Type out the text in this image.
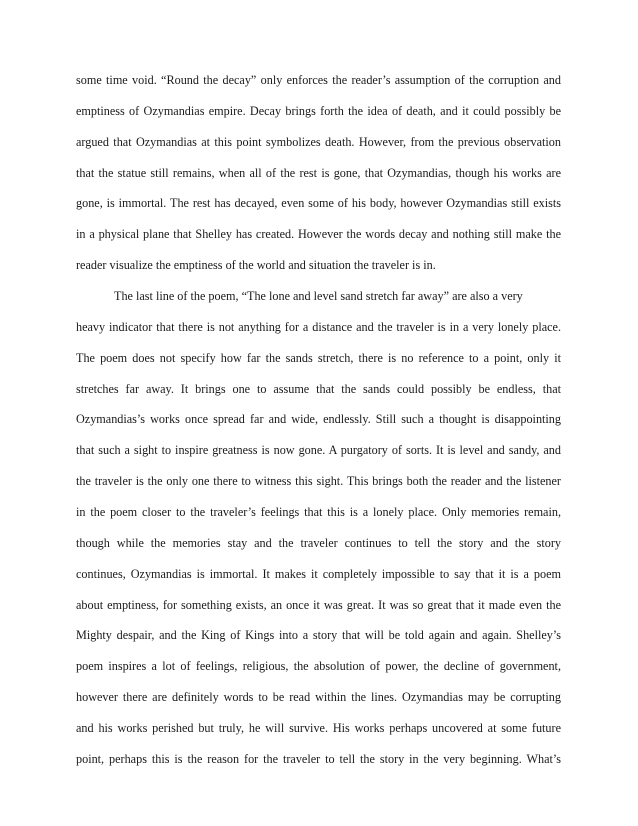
some time void. “Round the decay” only enforces the reader’s assumption of the corruption and
emptiness of Ozymandias empire. Decay brings forth the idea of death, and it could possibly be
argued that Ozymandias at this point symbolizes death. However, from the previous observation
that the statue still remains, when all of the rest is gone, that Ozymandias, though his works are
gone, is immortal. The rest has decayed, even some of his body, however Ozymandias still exists
in a physical plane that Shelley has created. However the words decay and nothing still make the
reader visualize the emptiness of the world and situation the traveler is in.
The last line of the poem, “The lone and level sand stretch far away” are also a very
heavy indicator that there is not anything for a distance and the traveler is in a very lonely place.
The poem does not specify how far the sands stretch, there is no reference to a point, only it
stretches far away. It brings one to assume that the sands could possibly be endless, that
Ozymandias’s works once spread far and wide, endlessly. Still such a thought is disappointing
that such a sight to inspire greatness is now gone. A purgatory of sorts. It is level and sandy, and
the traveler is the only one there to witness this sight. This brings both the reader and the listener
in the poem closer to the traveler’s feelings that this is a lonely place. Only memories remain,
though while the memories stay and the traveler continues to tell the story and the story
continues, Ozymandias is immortal. It makes it completely impossible to say that it is a poem
about emptiness, for something exists, an once it was great. It was so great that it made even the
Mighty despair, and the King of Kings into a story that will be told again and again. Shelley’s
poem inspires a lot of feelings, religious, the absolution of power, the decline of government,
however there are definitely words to be read within the lines. Ozymandias may be corrupting
and his works perished but truly, he will survive. His works perhaps uncovered at some future
point, perhaps this is the reason for the traveler to tell the story in the very beginning. What’s
